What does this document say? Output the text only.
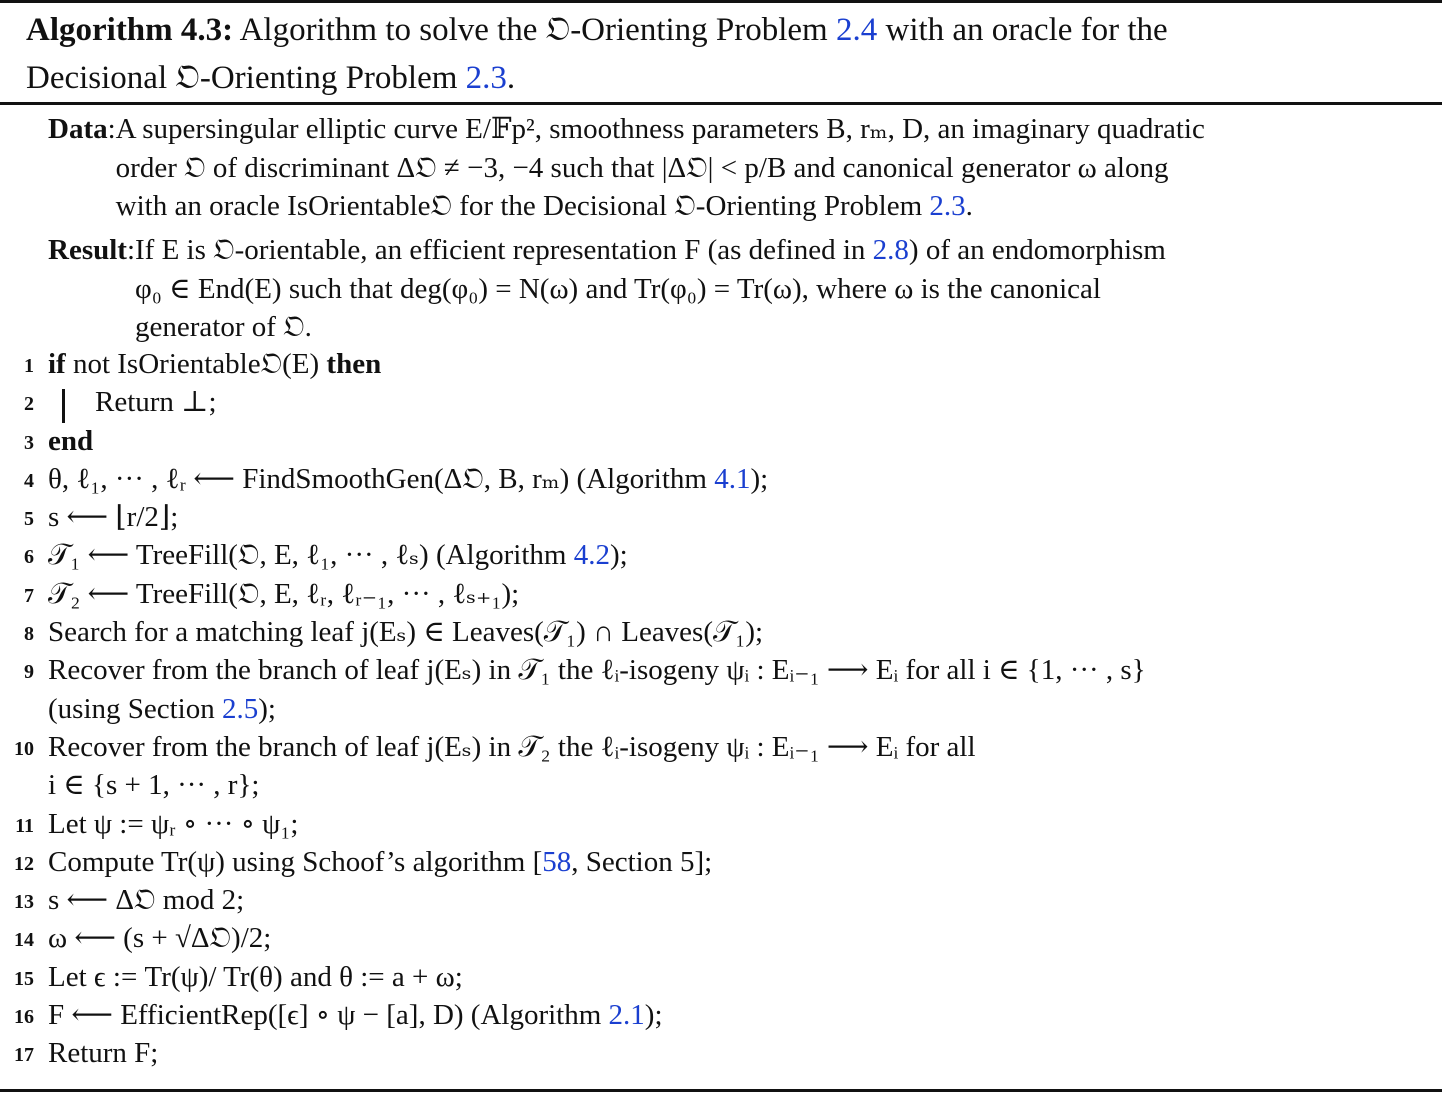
Algorithm 4.3: Algorithm to solve the 𝔒-Orienting Problem 2.4 with an oracle for the
Decisional 𝔒-Orienting Problem 2.3.
Data: A supersingular elliptic curve E/𝔽p², smoothness parameters B, rₘ, D, an imaginary quadratic
order 𝔒 of discriminant Δ𝔒 ≠ −3, −4 such that |Δ𝔒| < p/B and canonical generator ω along
with an oracle IsOrientable𝔒 for the Decisional 𝔒-Orienting Problem 2.3.
Result: If E is 𝔒-orientable, an efficient representation F (as defined in 2.8) of an endomorphism
φ₀ ∈ End(E) such that deg(φ₀) = N(ω) and Tr(φ₀) = Tr(ω), where ω is the canonical
generator of 𝔒.
1 if not IsOrientable𝔒(E) then
2 Return ⊥;
3 end
4 θ, ℓ₁, ··· , ℓᵣ ⟵ FindSmoothGen(Δ𝔒, B, rₘ) (Algorithm 4.1);
5 s ⟵ ⌊r/2⌋;
6 𝒯₁ ⟵ TreeFill(𝔒, E, ℓ₁, ··· , ℓₛ) (Algorithm 4.2);
7 𝒯₂ ⟵ TreeFill(𝔒, E, ℓᵣ, ℓᵣ₋₁, ··· , ℓₛ₊₁);
8 Search for a matching leaf j(Eₛ) ∈ Leaves(𝒯₁) ∩ Leaves(𝒯₁);
9 Recover from the branch of leaf j(Eₛ) in 𝒯₁ the ℓᵢ-isogeny ψᵢ : Eᵢ₋₁ ⟶ Eᵢ for all i ∈ {1, ··· , s}
(using Section 2.5);
10 Recover from the branch of leaf j(Eₛ) in 𝒯₂ the ℓᵢ-isogeny ψᵢ : Eᵢ₋₁ ⟶ Eᵢ for all
i ∈ {s + 1, ··· , r};
11 Let ψ := ψᵣ ∘ ··· ∘ ψ₁;
12 Compute Tr(ψ) using Schoof’s algorithm [58, Section 5];
13 s ⟵ Δ𝔒 mod 2;
14 ω ⟵ (s + √Δ𝔒)/2;
15 Let ϵ := Tr(ψ)/ Tr(θ) and θ := a + ω;
16 F ⟵ EfficientRep([ϵ] ∘ ψ − [a], D) (Algorithm 2.1);
17 Return F;
